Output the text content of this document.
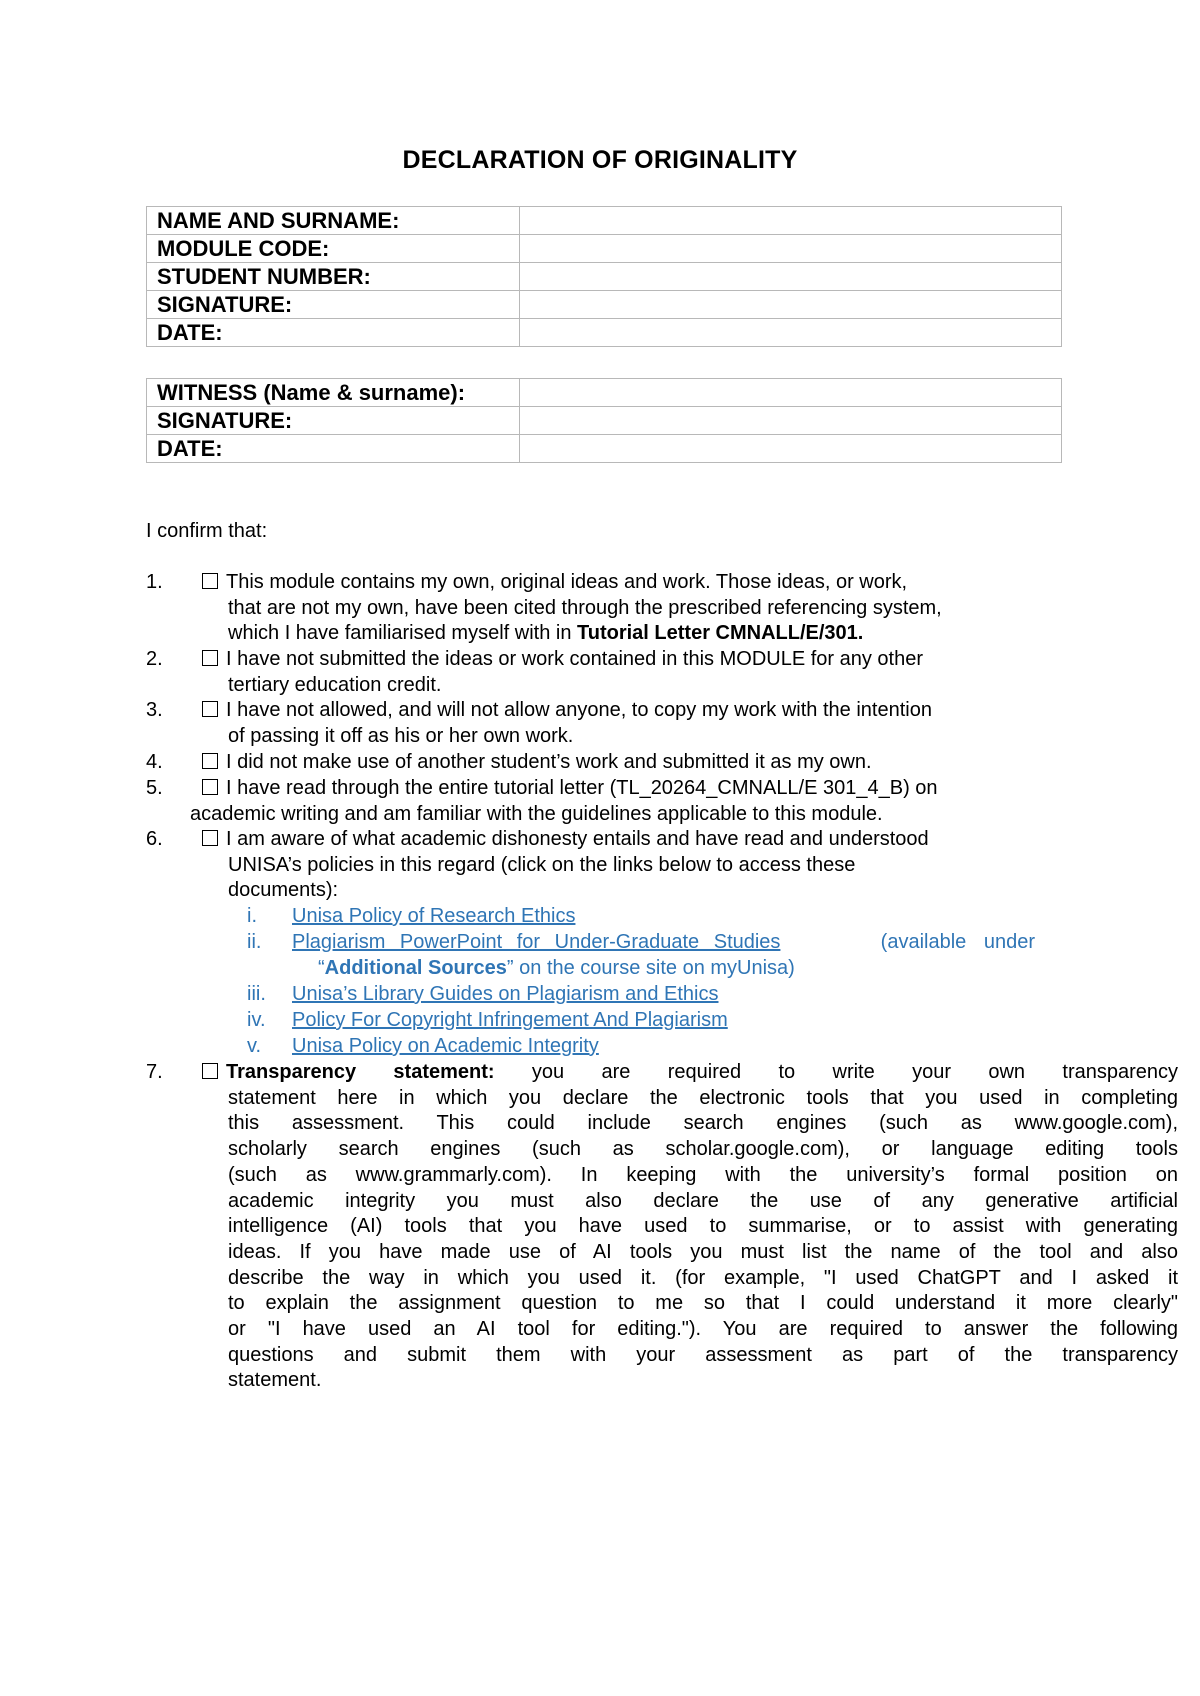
DECLARATION OF ORIGINALITY
NAME AND SURNAME:	
MODULE CODE:	
STUDENT NUMBER:	
SIGNATURE:	
DATE:	
WITNESS (Name & surname):	
SIGNATURE:	
DATE:	
I confirm that:
1.	This module contains my own, original ideas and work. Those ideas, or work,
that are not my own, have been cited through the prescribed referencing system,
which I have familiarised myself with in Tutorial Letter CMNALL/E/301.
2.	I have not submitted the ideas or work contained in this MODULE for any other
tertiary education credit.
3.	I have not allowed, and will not allow anyone, to copy my work with the intention
of passing it off as his or her own work.
4.	I did not make use of another student’s work and submitted it as my own.
5.	I have read through the entire tutorial letter (TL_20264_CMNALL/E 301_4_B) on
academic writing and am familiar with the guidelines applicable to this module.
6.	I am aware of what academic dishonesty entails and have read and understood
UNISA’s policies in this regard (click on the links below to access these
documents):
i. Unisa Policy of Research Ethics
ii. Plagiarism PowerPoint for Under-Graduate Studies	(available under
“Additional Sources” on the course site on myUnisa)
iii. Unisa’s Library Guides on Plagiarism and Ethics
iv. Policy For Copyright Infringement And Plagiarism
v. Unisa Policy on Academic Integrity
7.	Transparency statement: you are required to write your own transparency
statement here in which you declare the electronic tools that you used in completing
this assessment. This could include search engines (such as www.google.com),
scholarly search engines (such as scholar.google.com), or language editing tools
(such as www.grammarly.com). In keeping with the university’s formal position on
academic integrity you must also declare the use of any generative artificial
intelligence (AI) tools that you have used to summarise, or to assist with generating
ideas. If you have made use of AI tools you must list the name of the tool and also
describe the way in which you used it. (for example, "I used ChatGPT and I asked it
to explain the assignment question to me so that I could understand it more clearly"
or "I have used an AI tool for editing."). You are required to answer the following
questions and submit them with your assessment as part of the transparency
statement.
